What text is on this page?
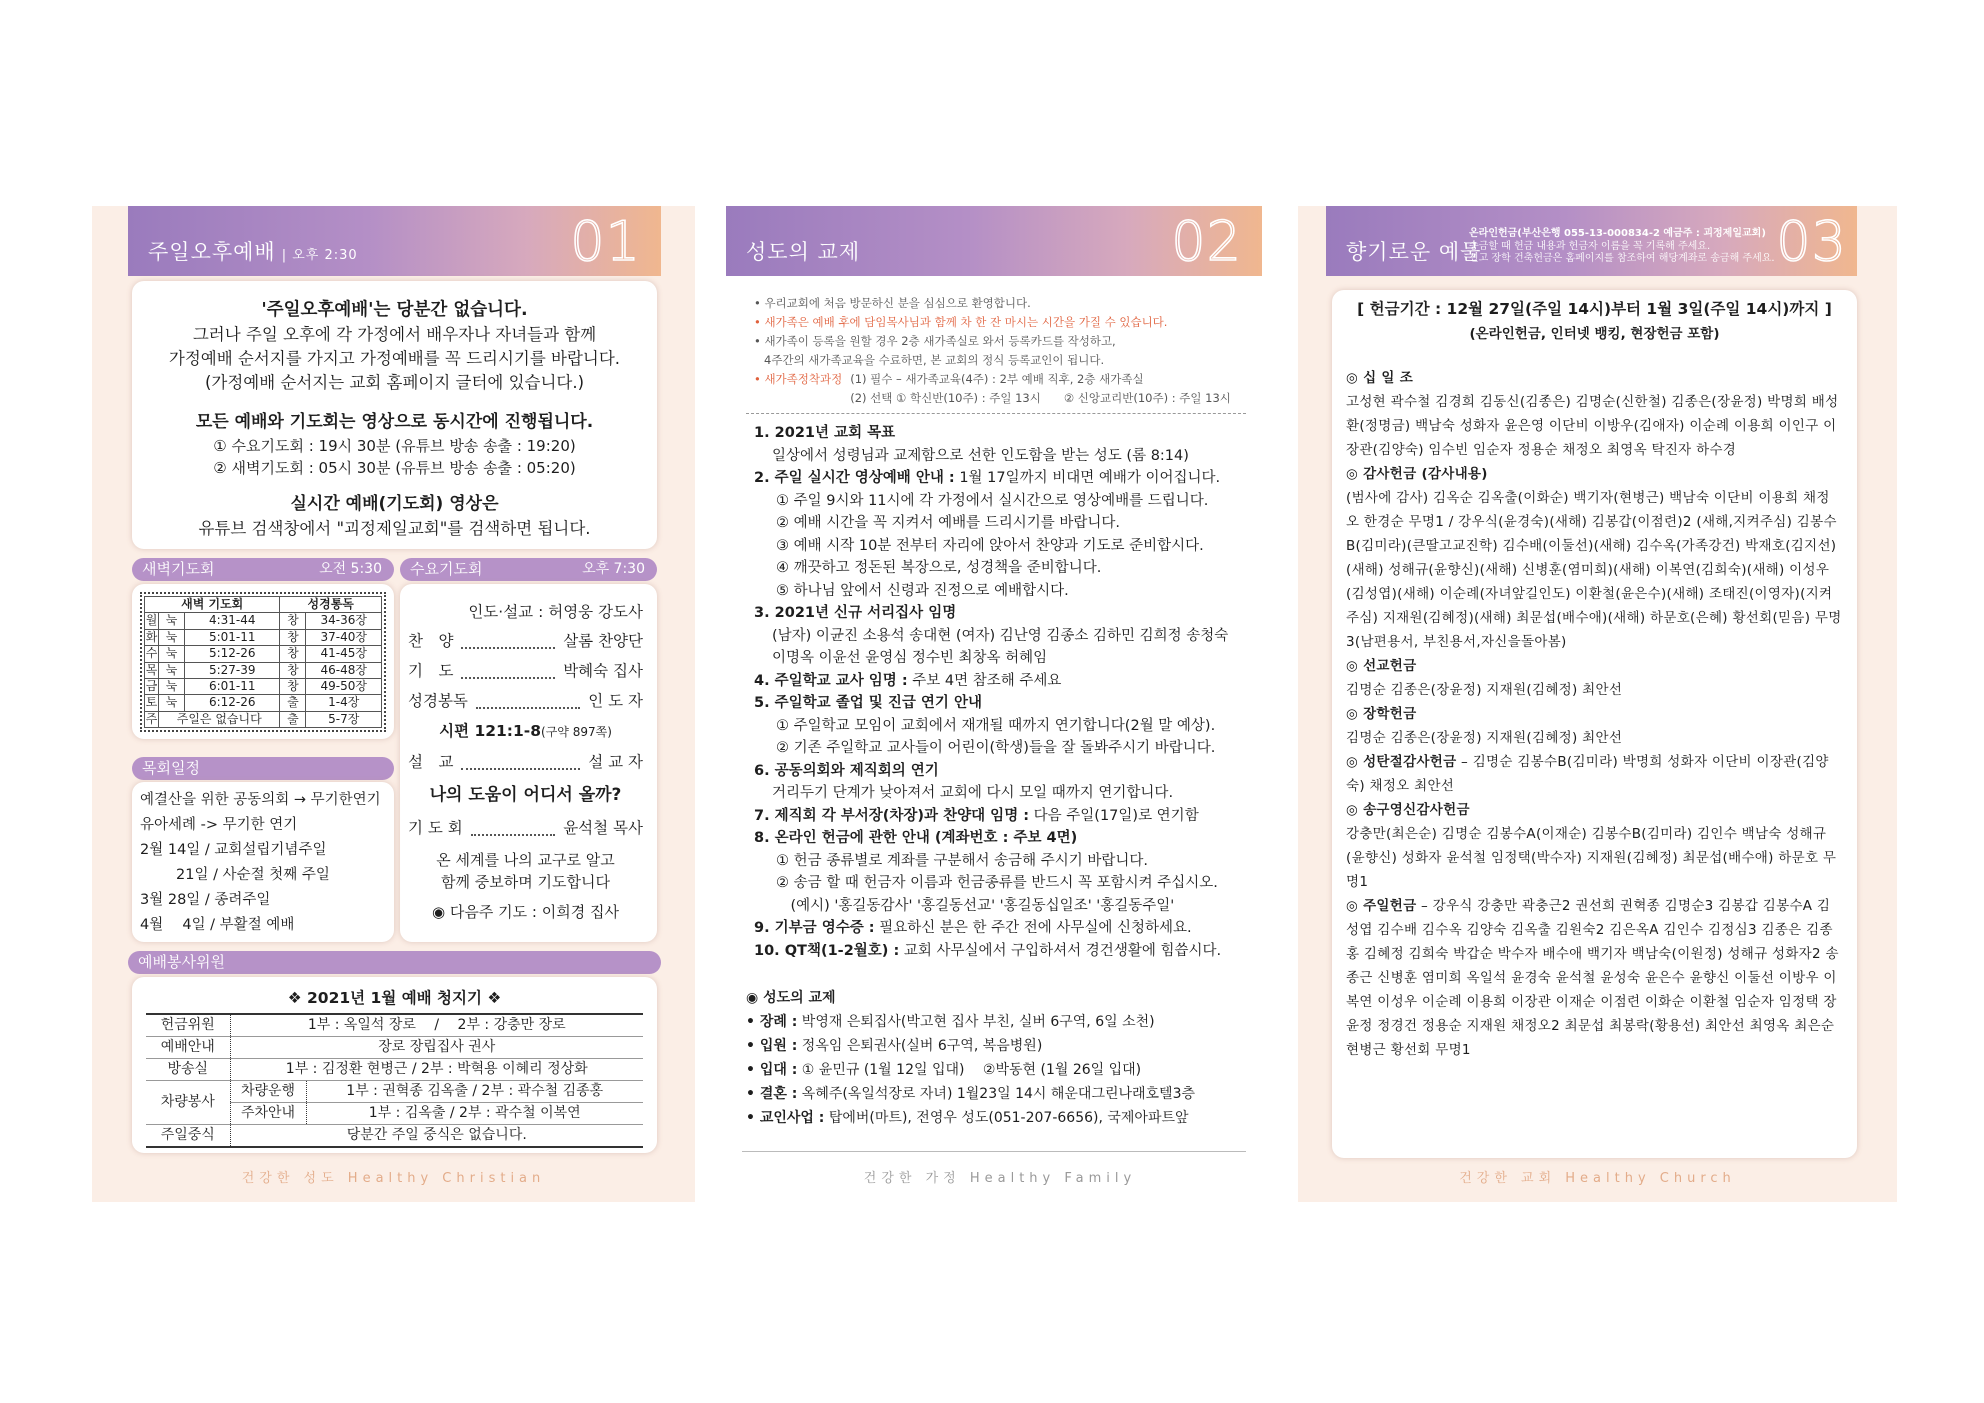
주일오후예배 | 오후 2:30	01
'주일오후예배'는 당분간 없습니다.
그러나 주일 오후에 각 가정에서 배우자나 자녀들과 함께
가정예배 순서지를 가지고 가정예배를 꼭 드리시기를 바랍니다.
(가정예배 순서지는 교회 홈페이지 글터에 있습니다.)
모든 예배와 기도회는 영상으로 동시간에 진행됩니다.
① 수요기도회 : 19시 30분 (유튜브 방송 송출 : 19:20)
② 새벽기도회 : 05시 30분 (유튜브 방송 송출 : 05:20)
실시간 예배(기도회) 영상은
유튜브 검색창에서 "괴정제일교회"를 검색하면 됩니다.
새벽기도회	오전 5:30
새벽 기도회			성경통독	
월	눅	4:31-44	창	34-36장
화	눅	5:01-11	창	37-40장
수	눅	5:12-26	창	41-45장
목	눅	5:27-39	창	46-48장
금	눅	6:01-11	창	49-50장
토	눅	6:12-26	출	1-4장
주	주일은 없습니다		출	5-7장
수요기도회	오후 7:30
인도·설교 : 허영웅 강도사
찬　양	살롬 찬양단
기　도	박혜숙 집사
성경봉독	인 도 자
시편 121:1-8(구약 897쪽)
설　교	설 교 자
나의 도움이 어디서 올까?
기 도 회	윤석철 목사
온 세계를 나의 교구로 알고
함께 중보하며 기도합니다
◉ 다음주 기도 : 이희경 집사
목회일정
예결산을 위한 공동의회 → 무기한연기
유아세례 -> 무기한 연기
2월 14일 / 교회설립기념주일
21일 / 사순절 첫째 주일
3월 28일 / 종려주일
4월 　4일 / 부활절 예배
예배봉사위원
❖ 2021년 1월 예배 청지기 ❖
헌금위원	1부 : 옥일석 장로 　/　 2부 : 강충만 장로	
예배안내	장로 장립집사 권사	
방송실	1부 : 김정환 현병근 / 2부 : 박혁용 이혜리 정상화	
차량봉사	차량운행	1부 : 권혁종 김옥출 / 2부 : 곽수철 김종홍
	주차안내	1부 : 김옥출 / 2부 : 곽수철 이복연
주일중식	당분간 주일 중식은 없습니다.	
건강한 성도 Healthy Christian
성도의 교제	02
• 우리교회에 처음 방문하신 분을 심심으로 환영합니다.
• 새가족은 예배 후에 담임목사님과 함께 차 한 잔 마시는 시간을 가질 수 있습니다.
• 새가족이 등록을 원할 경우 2층 새가족실로 와서 등록카드를 작성하고,
4주간의 새가족교육을 수료하면, 본 교회의 정식 등록교인이 됩니다.
• 새가족정착과정 (1) 필수 – 새가족교육(4주) : 2부 예배 직후, 2층 새가족실
(2) 선택 ① 학신반(10주) : 주일 13시　　② 신앙교리반(10주) : 주일 13시
1. 2021년 교회 목표
일상에서 성령님과 교제함으로 선한 인도함을 받는 성도 (롬 8:14)
2. 주일 실시간 영상예배 안내 : 1월 17일까지 비대면 예배가 이어집니다.
① 주일 9시와 11시에 각 가정에서 실시간으로 영상예배를 드립니다.
② 예배 시간을 꼭 지켜서 예배를 드리시기를 바랍니다.
③ 예배 시작 10분 전부터 자리에 앉아서 찬양과 기도로 준비합시다.
④ 깨끗하고 정돈된 복장으로, 성경책을 준비합니다.
⑤ 하나님 앞에서 신령과 진정으로 예배합시다.
3. 2021년 신규 서리집사 임명
(남자) 이균진 소용석 송대현 (여자) 김난영 김종소 김하민 김희정 송청숙
이명옥 이윤선 윤영심 정수빈 최창옥 허혜임
4. 주일학교 교사 임명 : 주보 4면 참조해 주세요
5. 주일학교 졸업 및 진급 연기 안내
① 주일학교 모임이 교회에서 재개될 때까지 연기합니다(2월 말 예상).
② 기존 주일학교 교사들이 어린이(학생)들을 잘 돌봐주시기 바랍니다.
6. 공동의회와 제직회의 연기
거리두기 단계가 낮아져서 교회에 다시 모일 때까지 연기합니다.
7. 제직회 각 부서장(차장)과 찬양대 임명 : 다음 주일(17일)로 연기함
8. 온라인 헌금에 관한 안내 (계좌번호 : 주보 4면)
① 헌금 종류별로 계좌를 구분해서 송금해 주시기 바랍니다.
② 송금 할 때 헌금자 이름과 헌금종류를 반드시 꼭 포함시켜 주십시오.
　(예시) '홍길동감사' '홍길동선교' '홍길동십일조' '홍길동주일'
9. 기부금 영수증 : 필요하신 분은 한 주간 전에 사무실에 신청하세요.
10. QT책(1-2월호) : 교회 사무실에서 구입하셔서 경건생활에 힘씁시다.
◉ 성도의 교제
• 장례 : 박영재 은퇴집사(박고현 집사 부친, 실버 6구역, 6일 소천)
• 입원 : 정옥임 은퇴권사(실버 6구역, 복음병원)
• 입대 : ① 윤민규 (1월 12일 입대) 　②박동현 (1월 26일 입대)
• 결혼 : 옥혜주(옥일석장로 자녀) 1월23일 14시 해운대그린나래호텔3층
• 교인사업 : 탑에버(마트), 전영우 성도(051-207-6656), 국제아파트앞
건강한 가정 Healthy Family
향기로운 예물
온라인헌금(부산은행 055-13-000834-2 예금주 : 괴정제일교회)
송금할 때 헌금 내용과 헌금자 이름을 꼭 기록해 주세요.
신고 장학 건축헌금은 홈페이지를 참조하여 해당계좌로 송금해 주세요. 03
[ 헌금기간 : 12월 27일(주일 14시)부터 1월 3일(주일 14시)까지 ]
(온라인헌금, 인터넷 뱅킹, 현장헌금 포함)
◎ 십 일 조
고성현 곽수철 김경희 김동신(김종은) 김명순(신한철) 김종은(장윤정) 박명희 배성환(정명금) 백남숙 성화자 윤은영 이단비 이방우(김애자) 이순례 이용희 이인구 이장관(김양숙) 임수빈 임순자 정용순 채정오 최영옥 탁진자 하수경
◎ 감사헌금 (감사내용)
(범사에 감사) 김옥순 김옥출(이화순) 백기자(현병근) 백남숙 이단비 이용희 채정오 한경순 무명1 / 강우식(윤경숙)(새해) 김봉갑(이점련)2 (새해,지켜주심) 김봉수B(김미라)(큰딸고교진학) 김수배(이둘선)(새해) 김수옥(가족강건) 박재호(김지선)(새해) 성해규(윤향신)(새해) 신병훈(염미희)(새해) 이복연(김희숙)(새해) 이성우(김성엽)(새해) 이순례(자녀앞길인도) 이환철(윤은수)(새해) 조태진(이영자)(지켜주심) 지재원(김혜정)(새해) 최문섭(배수애)(새해) 하문호(은혜) 황선회(믿음) 무명3(남편용서, 부친용서,자신을돌아봄)
◎ 선교헌금
김명순 김종은(장윤정) 지재원(김혜정) 최안선
◎ 장학헌금
김명순 김종은(장윤정) 지재원(김혜정) 최안선
◎ 성탄절감사헌금 – 김명순 김봉수B(김미라) 박명희 성화자 이단비 이장관(김양숙) 채정오 최안선
◎ 송구영신감사헌금
강충만(최은순) 김명순 김봉수A(이재순) 김봉수B(김미라) 김인수 백남숙 성해규(윤향신) 성화자 윤석철 임정택(박수자) 지재원(김혜정) 최문섭(배수애) 하문호 무명1
◎ 주일헌금 – 강우식 강충만 곽충근2 권선희 권혁종 김명순3 김봉갑 김봉수A 김성엽 김수배 김수옥 김양숙 김옥출 김원숙2 김은옥A 김인수 김정심3 김종은 김종홍 김혜정 김희숙 박갑순 박수자 배수애 백기자 백남숙(이원정) 성해규 성화자2 송종근 신병훈 염미희 옥일석 윤경숙 윤석철 윤성숙 윤은수 윤향신 이둘선 이방우 이복연 이성우 이순례 이용희 이장관 이재순 이점련 이화순 이환철 임순자 임정택 장윤정 정경건 정용순 지재원 채정오2 최문섭 최봉락(황용선) 최안선 최영옥 최은순 현병근 황선회 무명1
건강한 교회 Healthy Church
